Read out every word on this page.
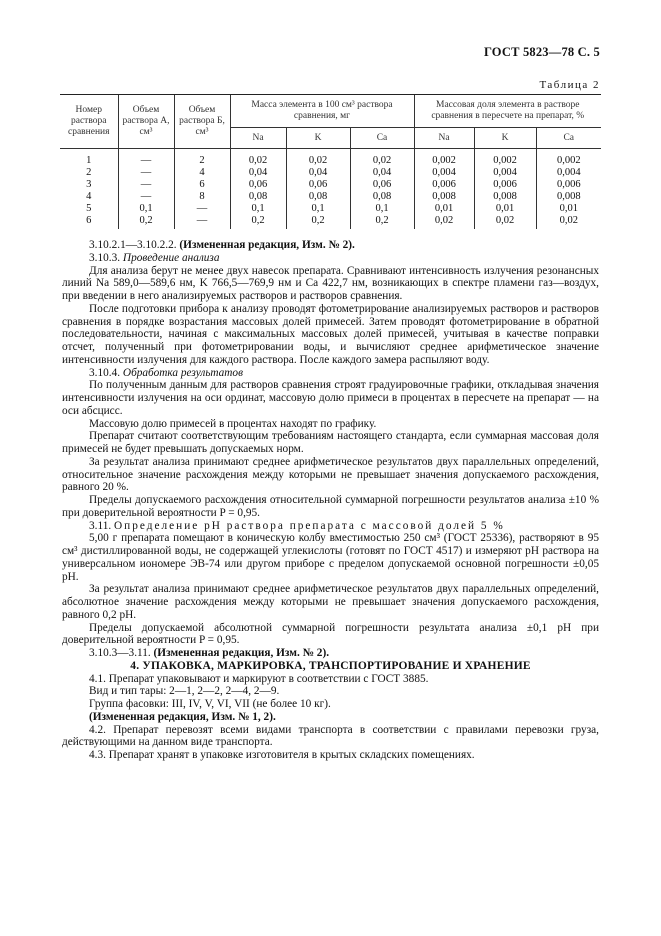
ГОСТ 5823—78 С. 5
Таблица 2
Номер раствора сравнения	Объем раствора А, см³	Объем раствора Б, см³	Масса элемента в 100 см³ раствора сравнения, мг			Массовая доля элемента в растворе сравнения в пересчете на препарат, %		
			Na	K	Ca	Na	K	Ca
1	—	2	0,02	0,02	0,02	0,002	0,002	0,002
2	—	4	0,04	0,04	0,04	0,004	0,004	0,004
3	—	6	0,06	0,06	0,06	0,006	0,006	0,006
4	—	8	0,08	0,08	0,08	0,008	0,008	0,008
5	0,1	—	0,1	0,1	0,1	0,01	0,01	0,01
6	0,2	—	0,2	0,2	0,2	0,02	0,02	0,02

3.10.2.1—3.10.2.2. (Измененная редакция, Изм. № 2).

3.10.3. Проведение анализа

Для анализа берут не менее двух навесок препарата. Сравнивают интенсивность излучения резонансных линий Na 589,0—589,6 нм, K 766,5—769,9 нм и Ca 422,7 нм, возникающих в спектре пламени газ—воздух, при введении в него анализируемых растворов и растворов сравнения.

После подготовки прибора к анализу проводят фотометрирование анализируемых растворов и растворов сравнения в порядке возрастания массовых долей примесей. Затем проводят фотометрирование в обратной последовательности, начиная с максимальных массовых долей примесей, учитывая в качестве поправки отсчет, полученный при фотометрировании воды, и вычисляют среднее арифметическое значение интенсивности излучения для каждого раствора. После каждого замера распыляют воду.

3.10.4. Обработка результатов

По полученным данным для растворов сравнения строят градуировочные графики, откладывая значения интенсивности излучения на оси ординат, массовую долю примеси в процентах в пересчете на препарат — на оси абсцисс.

Массовую долю примесей в процентах находят по графику.

Препарат считают соответствующим требованиям настоящего стандарта, если суммарная массовая доля примесей не будет превышать допускаемых норм.

За результат анализа принимают среднее арифметическое результатов двух параллельных определений, относительное значение расхождения между которыми не превышает значения допускаемого расхождения, равного 20 %.

Пределы допускаемого расхождения относительной суммарной погрешности результатов анализа ±10 % при доверительной вероятности P = 0,95.

3.11. Определение pH раствора препарата с массовой долей 5 %

5,00 г препарата помещают в коническую колбу вместимостью 250 см³ (ГОСТ 25336), растворяют в 95 см³ дистиллированной воды, не содержащей углекислоты (готовят по ГОСТ 4517) и измеряют pH раствора на универсальном иономере ЭВ-74 или другом приборе с пределом допускаемой основной погрешности ±0,05 pH.

За результат анализа принимают среднее арифметическое результатов двух параллельных определений, абсолютное значение расхождения между которыми не превышает значения допускаемого расхождения, равного 0,2 pH.

Пределы допускаемой абсолютной суммарной погрешности результата анализа ±0,1 pH при доверительной вероятности P = 0,95.

3.10.3—3.11. (Измененная редакция, Изм. № 2).

4. УПАКОВКА, МАРКИРОВКА, ТРАНСПОРТИРОВАНИЕ И ХРАНЕНИЕ

4.1. Препарат упаковывают и маркируют в соответствии с ГОСТ 3885.

Вид и тип тары: 2—1, 2—2, 2—4, 2—9.

Группа фасовки: III, IV, V, VI, VII (не более 10 кг).

(Измененная редакция, Изм. № 1, 2).

4.2. Препарат перевозят всеми видами транспорта в соответствии с правилами перевозки груза, действующими на данном виде транспорта.

4.3. Препарат хранят в упаковке изготовителя в крытых складских помещениях.
